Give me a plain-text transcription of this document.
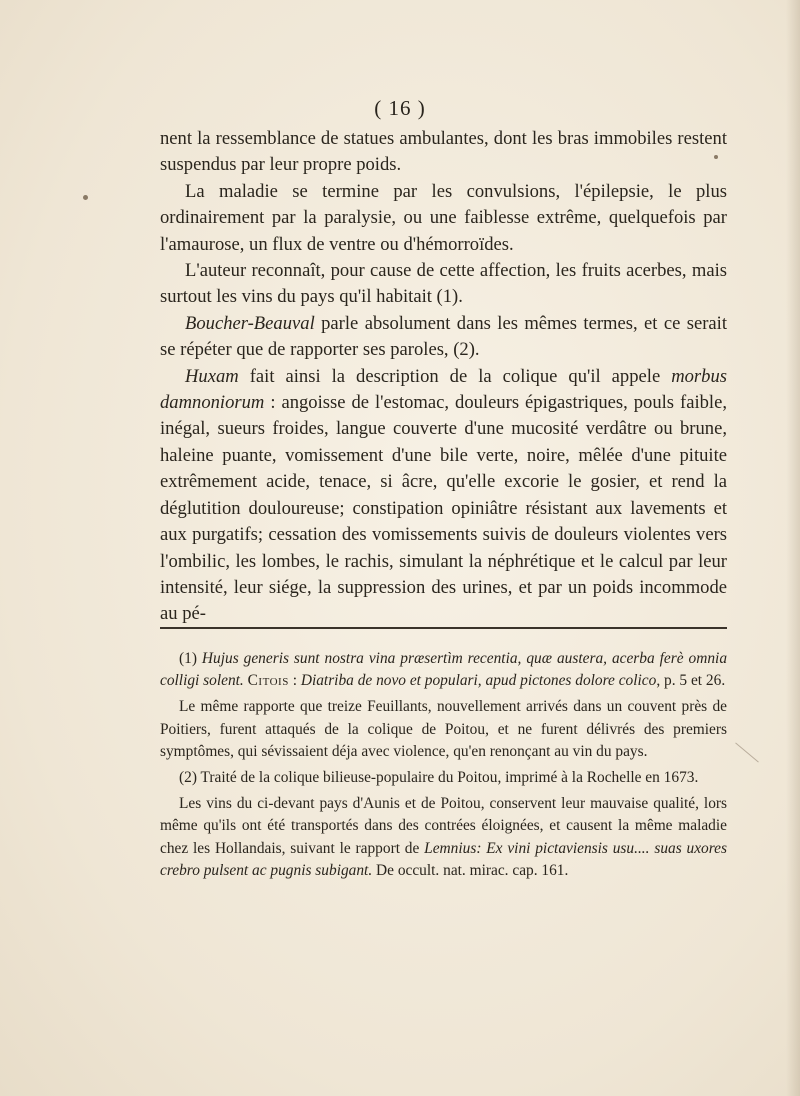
( 16 )

nent la ressemblance de statues ambulantes, dont les bras immobiles restent suspendus par leur propre poids.

La maladie se termine par les convulsions, l'épilepsie, le plus ordinairement par la paralysie, ou une faiblesse extrême, quelquefois par l'amaurose, un flux de ventre ou d'hémorroïdes.

L'auteur reconnaît, pour cause de cette affection, les fruits acerbes, mais surtout les vins du pays qu'il habitait (1).

Boucher-Beauval parle absolument dans les mêmes termes, et ce serait se répéter que de rapporter ses paroles, (2).

Huxam fait ainsi la description de la colique qu'il appele morbus damnoniorum : angoisse de l'estomac, douleurs épigastriques, pouls faible, inégal, sueurs froides, langue couverte d'une mucosité verdâtre ou brune, haleine puante, vomissement d'une bile verte, noire, mêlée d'une pituite extrêmement acide, tenace, si âcre, qu'elle excorie le gosier, et rend la déglutition douloureuse; constipation opiniâtre résistant aux lavements et aux purgatifs; cessation des vomissements suivis de douleurs violentes vers l'ombilic, les lombes, le rachis, simulant la néphrétique et le calcul par leur intensité, leur siége, la suppression des urines, et par un poids incommode au pé-

(1) Hujus generis sunt nostra vina præsertìm recentia, quæ austera, acerba ferè omnia colligi solent. Citois : Diatriba de novo et populari, apud pictones dolore colico, p. 5 et 26.

Le même rapporte que treize Feuillants, nouvellement arrivés dans un couvent près de Poitiers, furent attaqués de la colique de Poitou, et ne furent délivrés des premiers symptômes, qui sévissaient déja avec violence, qu'en renonçant au vin du pays.

(2) Traité de la colique bilieuse-populaire du Poitou, imprimé à la Rochelle en 1673.

Les vins du ci-devant pays d'Aunis et de Poitou, conservent leur mauvaise qualité, lors même qu'ils ont été transportés dans des contrées éloignées, et causent la même maladie chez les Hollandais, suivant le rapport de Lemnius: Ex vini pictaviensis usu.... suas uxores crebro pulsent ac pugnis subigant. De occult. nat. mirac. cap. 161.
